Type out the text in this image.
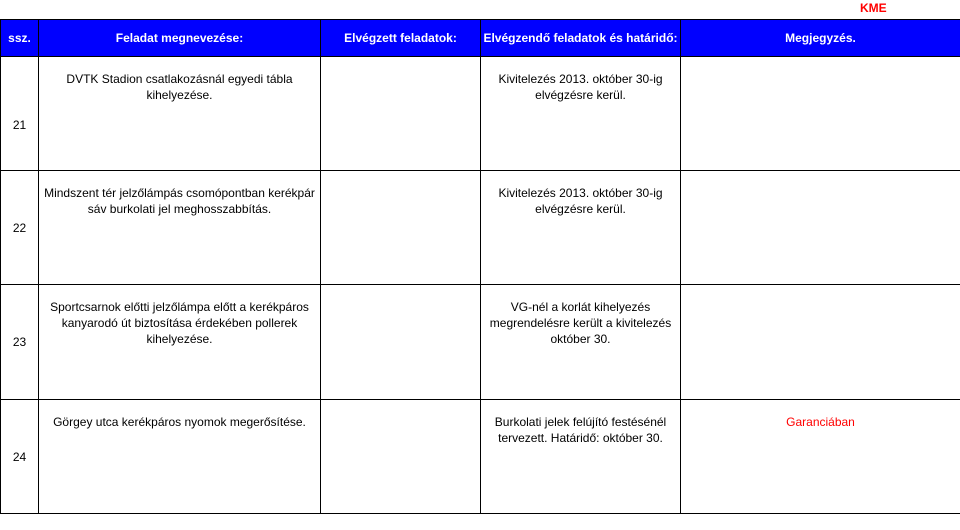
KME
ssz.	Feladat megnevezése:	Elvégzett feladatok:	Elvégzendő feladatok és határidő:	Megjegyzés.
21	DVTK Stadion csatlakozásnál egyedi tábla kihelyezése.		Kivitelezés 2013. október 30-ig elvégzésre kerül.	
22	Mindszent tér jelzőlámpás csomópontban kerékpár sáv burkolati jel meghosszabbítás.		Kivitelezés 2013. október 30-ig elvégzésre kerül.	
23	Sportcsarnok előtti jelzőlámpa előtt a kerékpáros kanyarodó út biztosítása érdekében pollerek kihelyezése.		VG-nél a korlát kihelyezés megrendelésre került a kivitelezés október 30.	
24	Görgey utca kerékpáros nyomok megerősítése.		Burkolati jelek felújító festésénél tervezett. Határidő: október 30.	Garanciában
